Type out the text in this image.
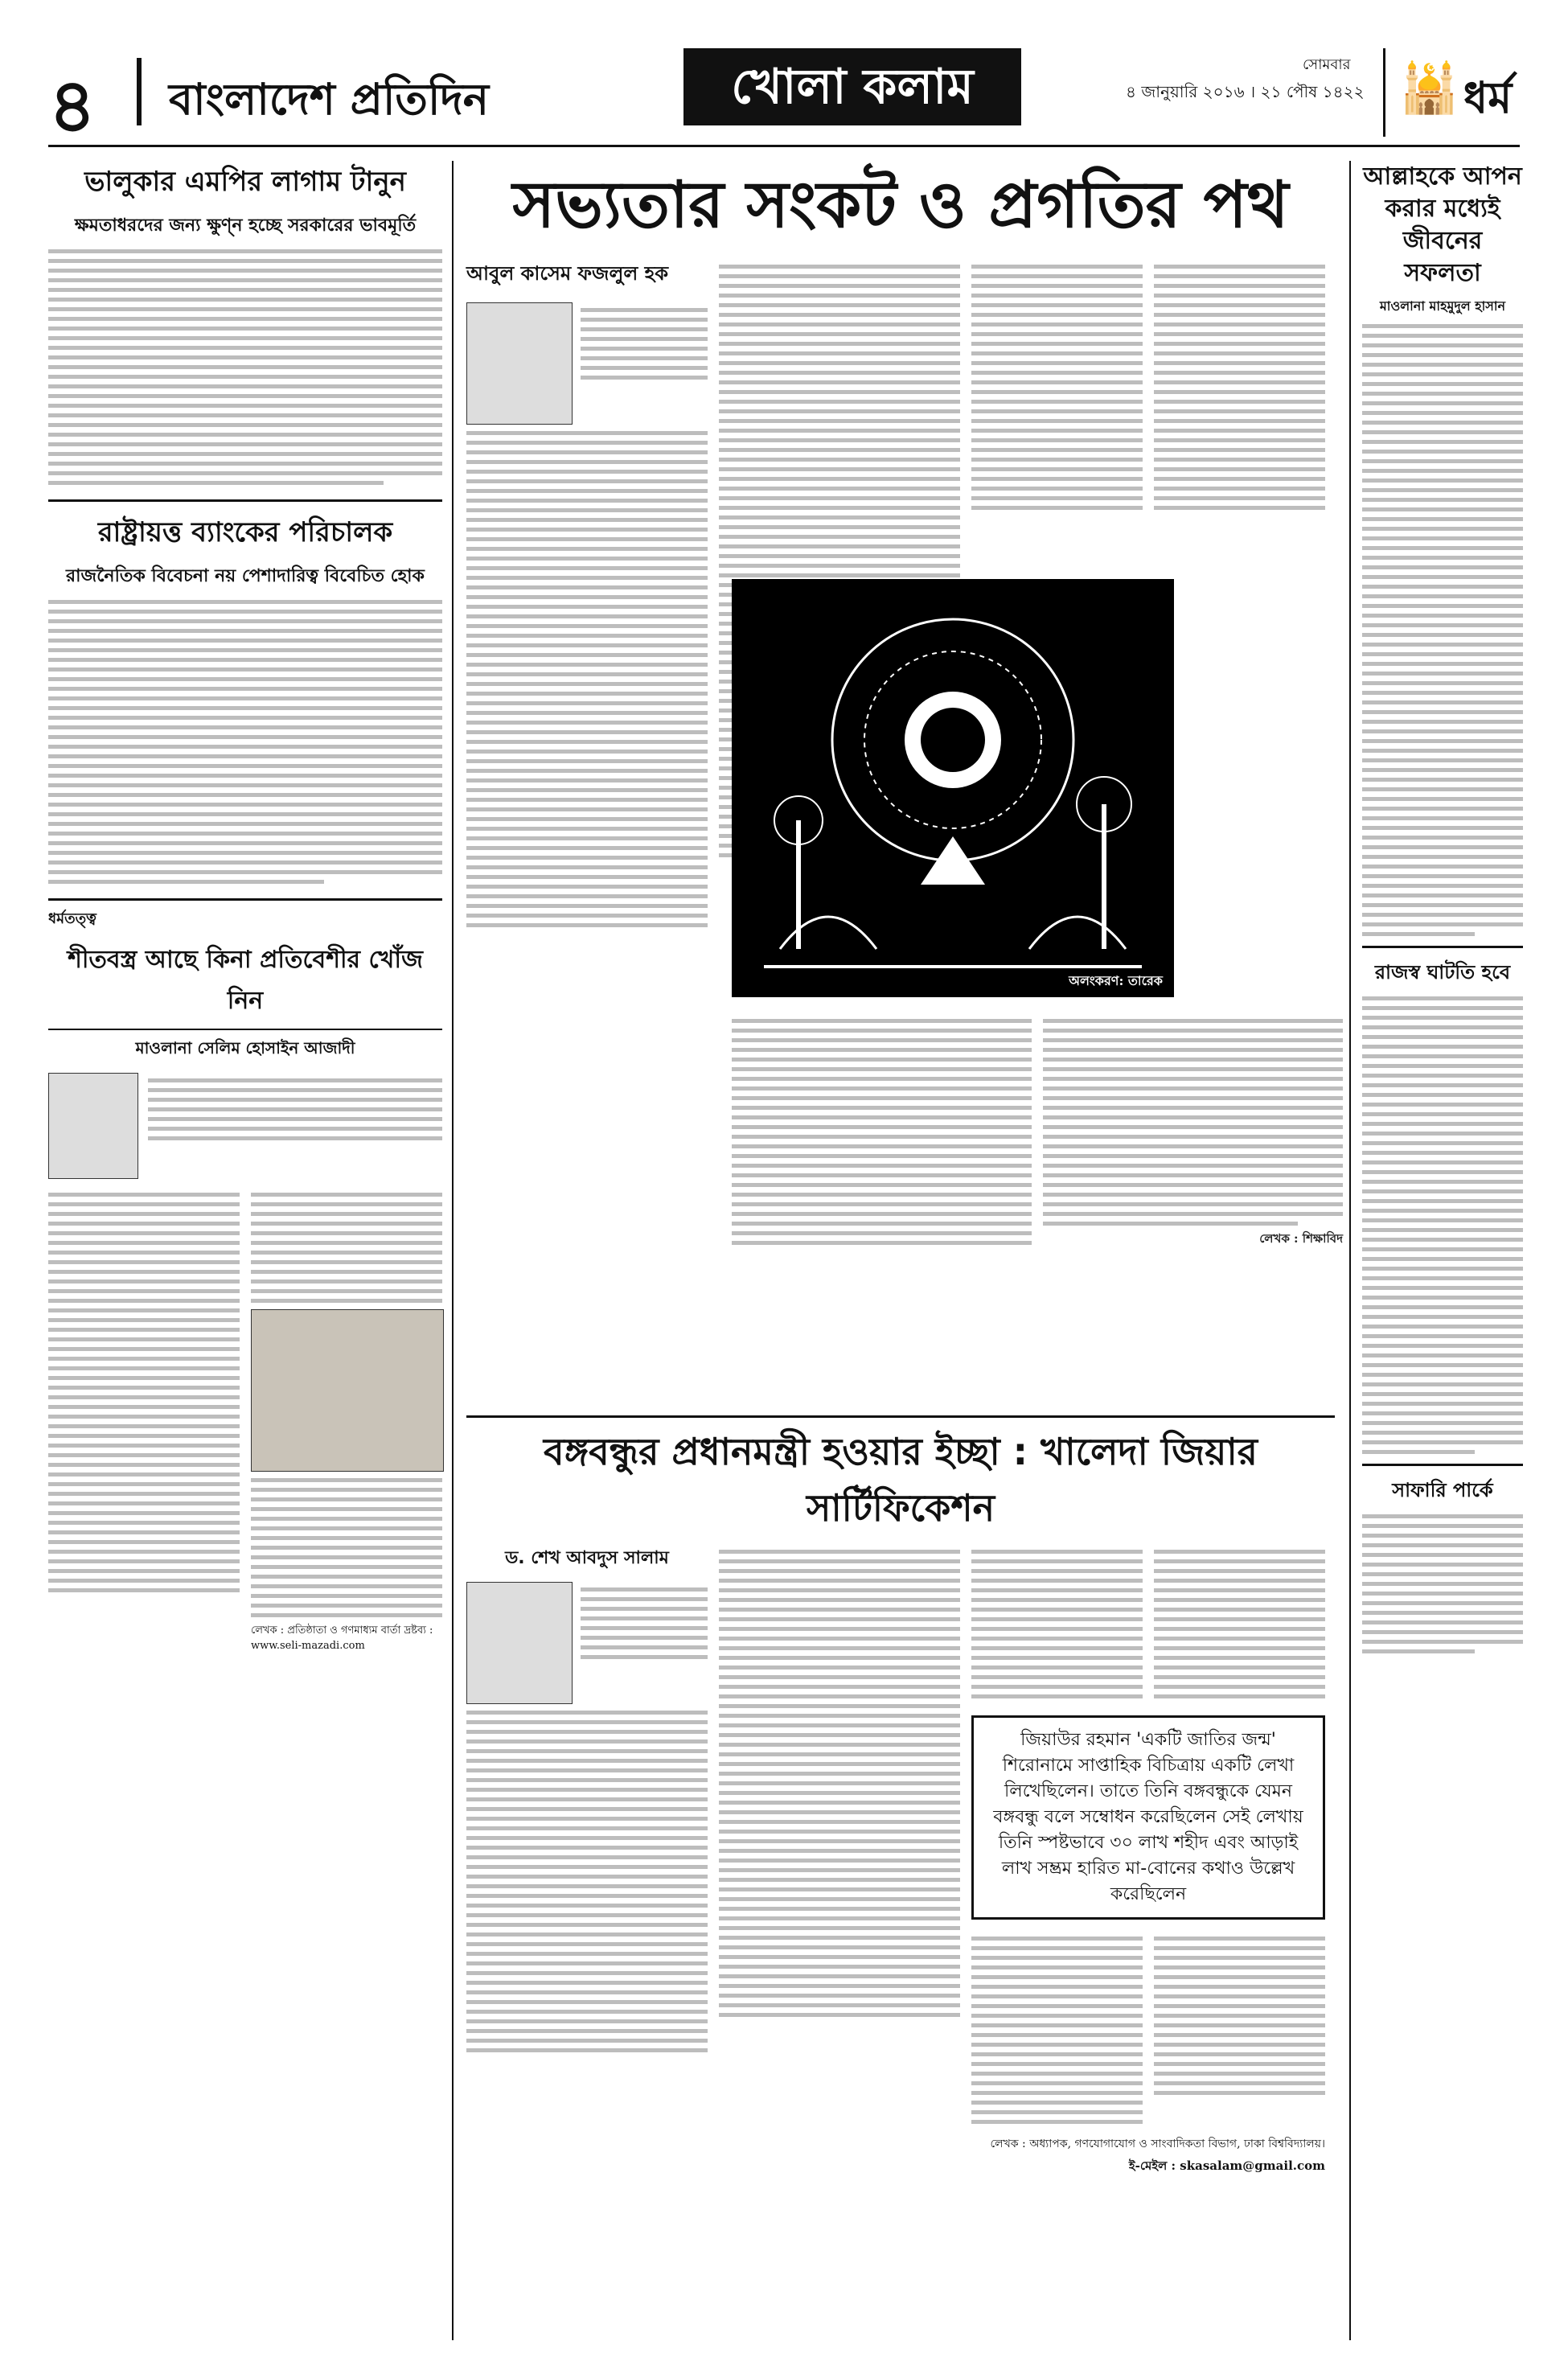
৪ বাংলাদেশ প্রতিদিন	খোলা কলাম	সোমবার
৪ জানুয়ারি ২০১৬ । ২১ পৌষ ১৪২২ 🕌 ধর্ম
ভালুকার এমপির লাগাম টানুন
ক্ষমতাধরদের জন্য ক্ষুণ্ন হচ্ছে সরকারের ভাবমূর্তি
রাষ্ট্রায়ত্ত ব্যাংকের পরিচালক
রাজনৈতিক বিবেচনা নয় পেশাদারিত্ব বিবেচিত হোক
ধর্মতত্ত্ব
শীতবস্ত্র আছে কিনা প্রতিবেশীর খোঁজ নিন
মাওলানা সেলিম হোসাইন আজাদী
লেখক : প্রতিষ্ঠাতা ও গণমাধ্যম বার্তা দ্রষ্টব্য : www.seli-mazadi.com
সভ্যতার সংকট ও প্রগতির পথ
আবুল কাসেম ফজলুল হক
অলংকরণ: তারেক
লেখক : শিক্ষাবিদ
বঙ্গবন্ধুর প্রধানমন্ত্রী হওয়ার ইচ্ছা : খালেদা জিয়ার সার্টিফিকেশন
ড. শেখ আবদুস সালাম
জিয়াউর রহমান 'একটি জাতির জন্ম' শিরোনামে সাপ্তাহিক বিচিত্রায় একটি লেখা লিখেছিলেন। তাতে তিনি বঙ্গবন্ধুকে যেমন বঙ্গবন্ধু বলে সম্বোধন করেছিলেন সেই লেখায় তিনি স্পষ্টভাবে ৩০ লাখ শহীদ এবং আড়াই লাখ সম্ভ্রম হারিত মা-বোনের কথাও উল্লেখ করেছিলেন
লেখক : অধ্যাপক, গণযোগাযোগ ও সাংবাদিকতা বিভাগ, ঢাকা বিশ্ববিদ্যালয়।
ই-মেইল : skasalam@gmail.com
আল্লাহকে আপন করার মধ্যেই জীবনের সফলতা
মাওলানা মাহমুদুল হাসান
রাজস্ব ঘাটতি হবে
সাফারি পার্কে
